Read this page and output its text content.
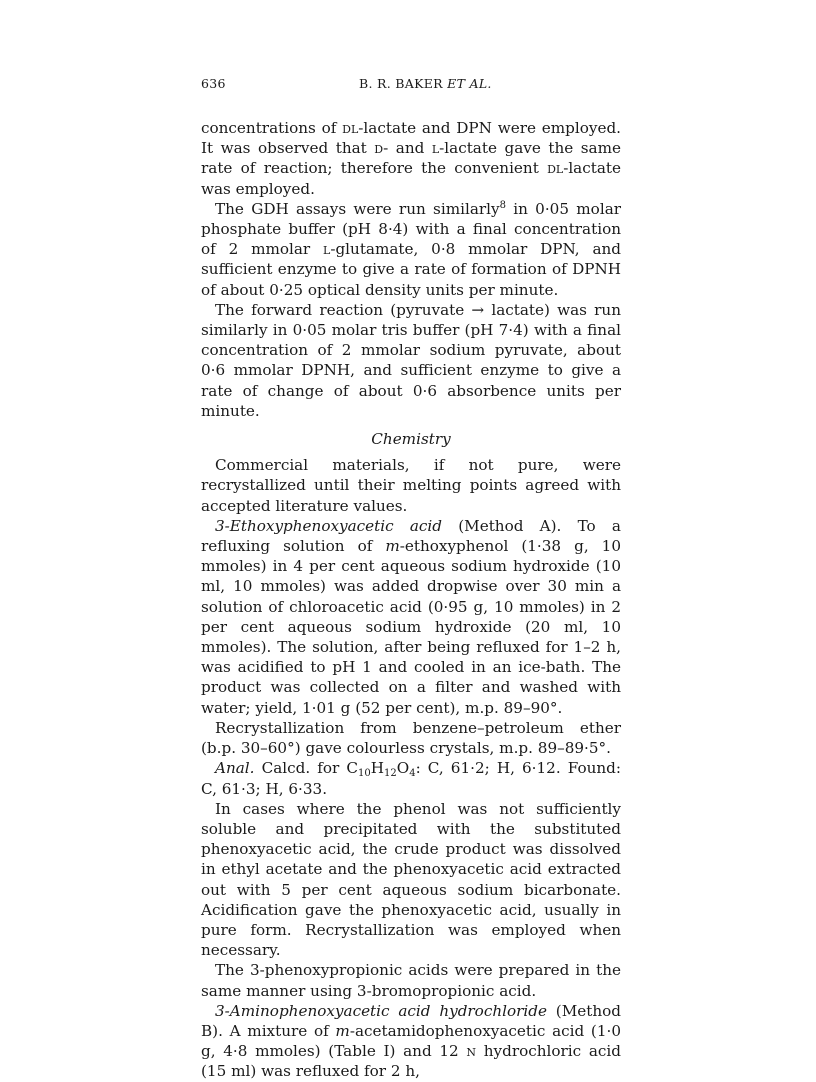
636	B. R. BAKER ET AL.

concentrations of dl-lactate and DPN were employed. It was observed that d- and l-lactate gave the same rate of reaction; therefore the convenient dl-lactate was employed.

The GDH assays were run similarly$^8$ in 0·05 molar phosphate buffer (pH 8·4) with a final concentration of 2 mmolar l-glutamate, 0·8 mmolar DPN, and sufficient enzyme to give a rate of formation of DPNH of about 0·25 optical density units per minute.

The forward reaction (pyruvate → lactate) was run similarly in 0·05 molar tris buffer (pH 7·4) with a final concentration of 2 mmolar sodium pyruvate, about 0·6 mmolar DPNH, and sufficient enzyme to give a rate of change of about 0·6 absorbence units per minute.

Chemistry

Commercial materials, if not pure, were recrystallized until their melting points agreed with accepted literature values.

3-Ethoxyphenoxyacetic acid (Method A). To a refluxing solution of m-ethoxyphenol (1·38 g, 10 mmoles) in 4 per cent aqueous sodium hydroxide (10 ml, 10 mmoles) was added dropwise over 30 min a solution of chloroacetic acid (0·95 g, 10 mmoles) in 2 per cent aqueous sodium hydroxide (20 ml, 10 mmoles). The solution, after being refluxed for 1–2 h, was acidified to pH 1 and cooled in an ice-bath. The product was collected on a filter and washed with water; yield, 1·01 g (52 per cent), m.p. 89–90°.

Recrystallization from benzene–petroleum ether (b.p. 30–60°) gave colourless crystals, m.p. 89–89·5°.

Anal. Calcd. for $C_{10}H_{12}O_4$: C, 61·2; H, 6·12. Found: C, 61·3; H, 6·33.

In cases where the phenol was not sufficiently soluble and precipitated with the substituted phenoxyacetic acid, the crude product was dissolved in ethyl acetate and the phenoxyacetic acid extracted out with 5 per cent aqueous sodium bicarbonate. Acidification gave the phenoxyacetic acid, usually in pure form. Recrystallization was employed when necessary.

The 3-phenoxypropionic acids were prepared in the same manner using 3-bromopropionic acid.

3-Aminophenoxyacetic acid hydrochloride (Method B). A mixture of m-acetamidophenoxyacetic acid (1·0 g, 4·8 mmoles) (Table I) and 12 n hydrochloric acid (15 ml) was refluxed for 2 h,
